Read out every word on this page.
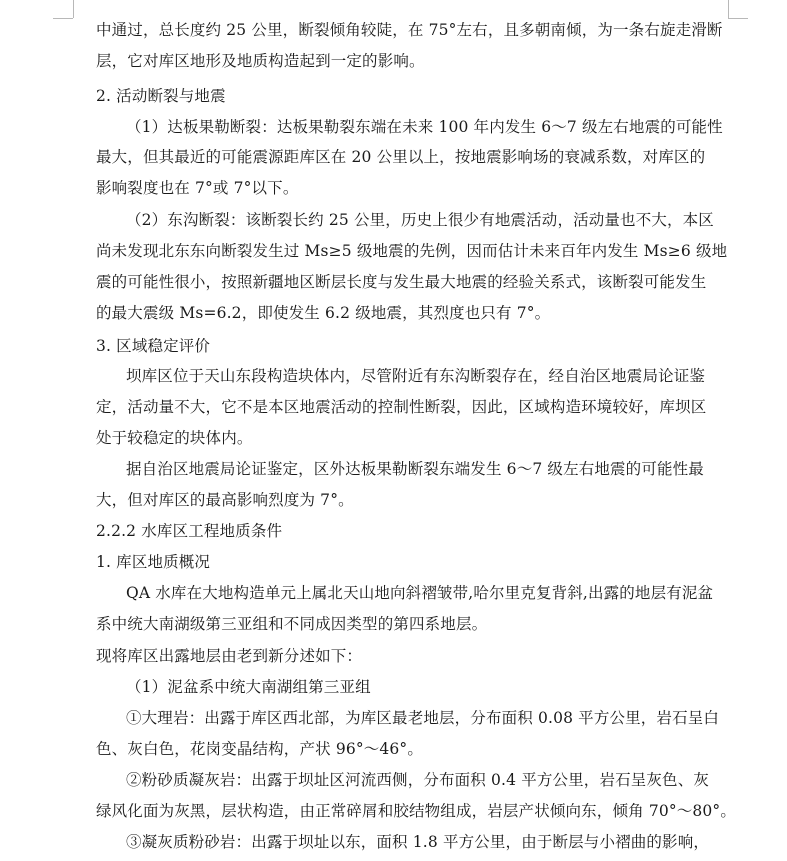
中通过，总长度约 25 公里，断裂倾角较陡，在 75°左右，且多朝南倾，为一条右旋走滑断
层，它对库区地形及地质构造起到一定的影响。
2. 活动断裂与地震
（1）达板果勒断裂：达板果勒裂东端在未来 100 年内发生 6～7 级左右地震的可能性
最大，但其最近的可能震源距库区在 20 公里以上，按地震影响场的衰减系数，对库区的
影响裂度也在 7°或 7°以下。
（2）东沟断裂：该断裂长约 25 公里，历史上很少有地震活动，活动量也不大，本区
尚未发现北东东向断裂发生过 Ms≥5 级地震的先例，因而估计未来百年内发生 Ms≥6 级地
震的可能性很小，按照新疆地区断层长度与发生最大地震的经验关系式，该断裂可能发生
的最大震级 Ms=6.2，即使发生 6.2 级地震，其烈度也只有 7°。
3. 区域稳定评价
坝库区位于天山东段构造块体内，尽管附近有东沟断裂存在，经自治区地震局论证鉴
定，活动量不大，它不是本区地震活动的控制性断裂，因此，区域构造环境较好，库坝区
处于较稳定的块体内。
据自治区地震局论证鉴定，区外达板果勒断裂东端发生 6～7 级左右地震的可能性最
大，但对库区的最高影响烈度为 7°。
2.2.2 水库区工程地质条件
1. 库区地质概况
QA 水库在大地构造单元上属北天山地向斜褶皱带,哈尔里克复背斜,出露的地层有泥盆
系中统大南湖级第三亚组和不同成因类型的第四系地层。
现将库区出露地层由老到新分述如下：
（1）泥盆系中统大南湖组第三亚组
①大理岩：出露于库区西北部，为库区最老地层，分布面积 0.08 平方公里，岩石呈白
色、灰白色，花岗变晶结构，产状 96°～46°。
②粉砂质凝灰岩：出露于坝址区河流西侧，分布面积 0.4 平方公里，岩石呈灰色、灰
绿风化面为灰黑，层状构造，由正常碎屑和胶结物组成，岩层产状倾向东，倾角 70°～80°。
③凝灰质粉砂岩：出露于坝址以东，面积 1.8 平方公里，由于断层与小褶曲的影响，
